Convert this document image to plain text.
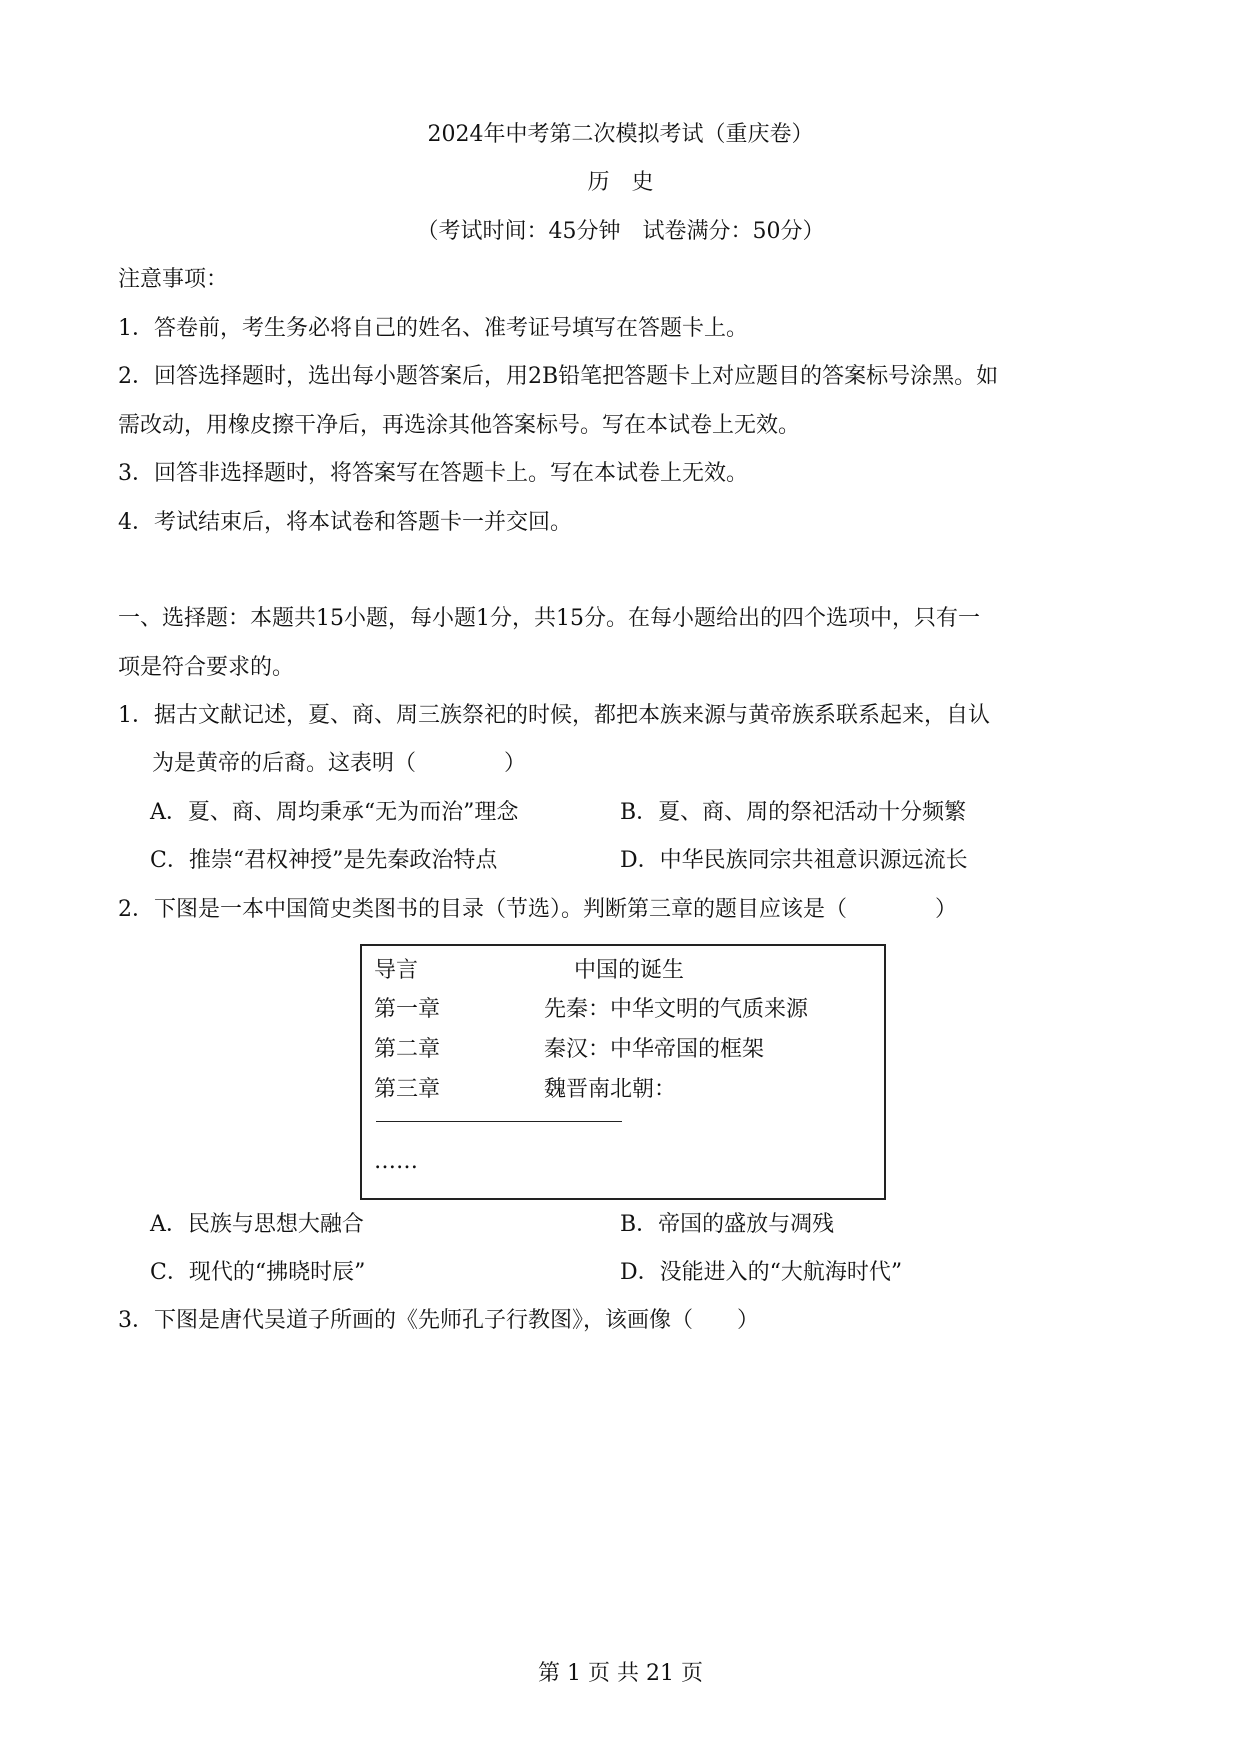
2024年中考第二次模拟考试（重庆卷）
历　史
（考试时间：45分钟　试卷满分：50分）
注意事项：
1．答卷前，考生务必将自己的姓名、准考证号填写在答题卡上。
2．回答选择题时，选出每小题答案后，用2B铅笔把答题卡上对应题目的答案标号涂黑。如
需改动，用橡皮擦干净后，再选涂其他答案标号。写在本试卷上无效。
3．回答非选择题时，将答案写在答题卡上。写在本试卷上无效。
4．考试结束后，将本试卷和答题卡一并交回。
一、选择题：本题共15小题，每小题1分，共15分。在每小题给出的四个选项中，只有一
项是符合要求的。
1．据古文献记述，夏、商、周三族祭祀的时候，都把本族来源与黄帝族系联系起来，自认
为是黄帝的后裔。这表明（　　　　）
A．夏、商、周均秉承“无为而治”理念	B．夏、商、周的祭祀活动十分频繁
C．推崇“君权神授”是先秦政治特点	D．中华民族同宗共祖意识源远流长
2．下图是一本中国简史类图书的目录（节选）。判断第三章的题目应该是（　　　　）
导言	中国的诞生
第一章	先秦：中华文明的气质来源
第二章	秦汉：中华帝国的框架
第三章	魏晋南北朝：
……
A．民族与思想大融合	B．帝国的盛放与凋残
C．现代的“拂晓时辰”	D．没能进入的“大航海时代”
3．下图是唐代吴道子所画的《先师孔子行教图》，该画像（　　）
第 1 页 共 21 页
